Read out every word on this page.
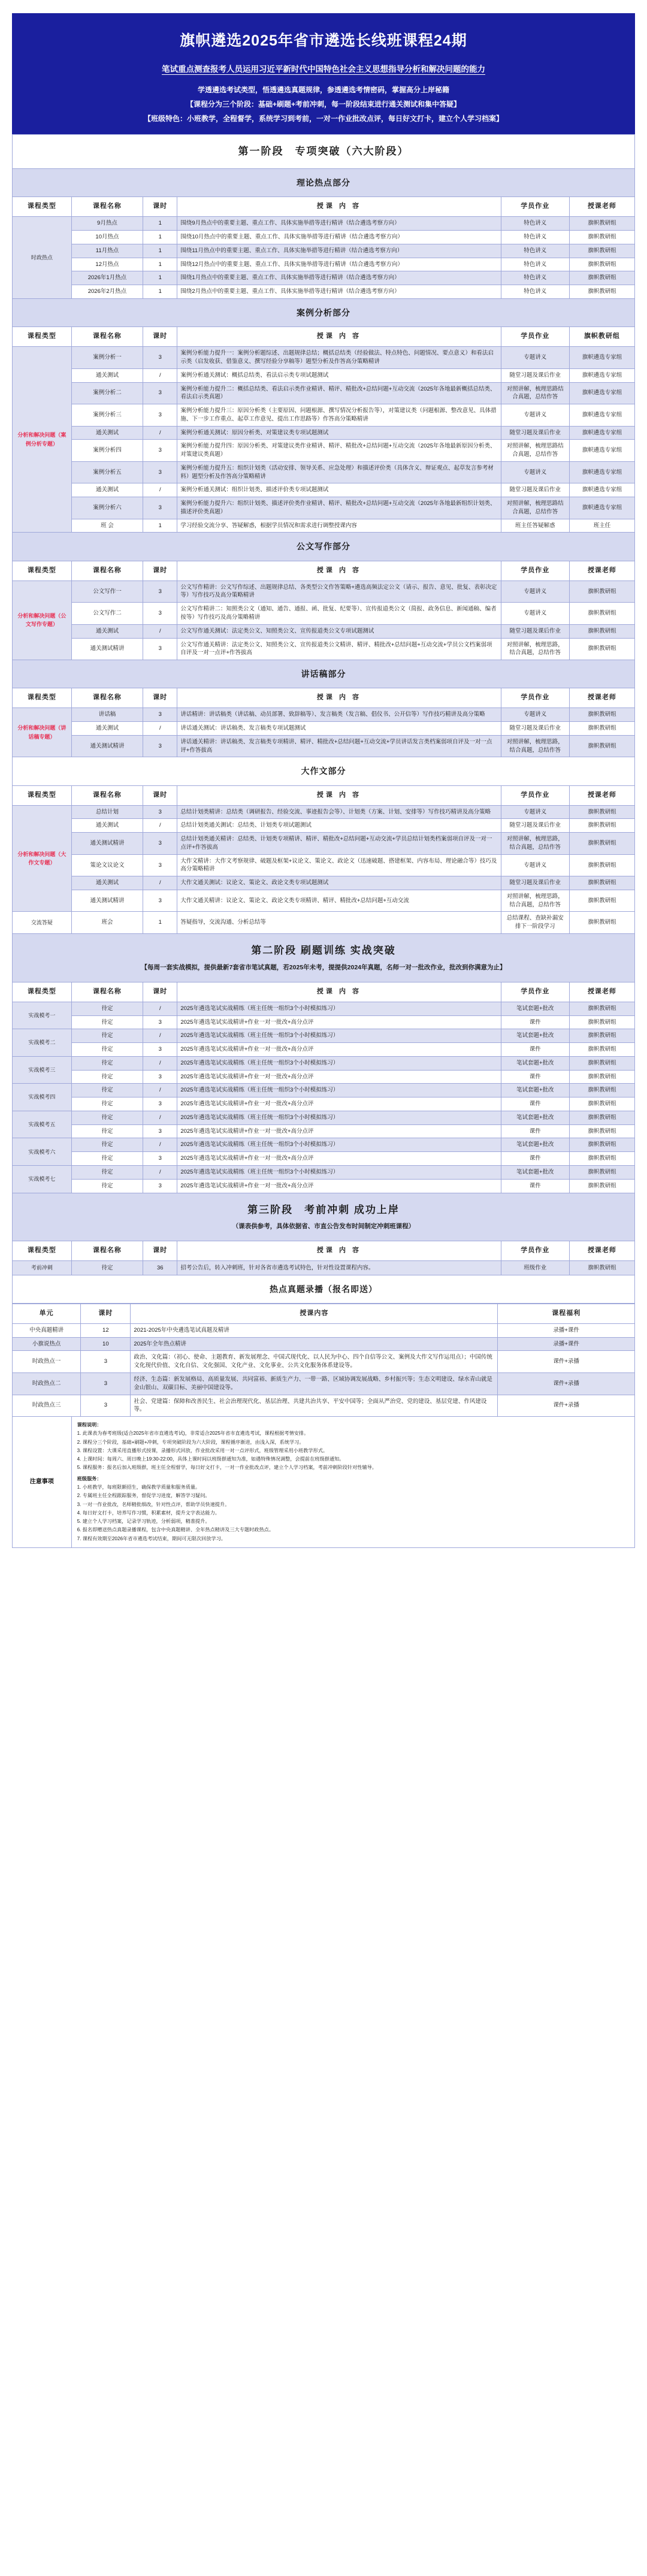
旗帜遴选2025年省市遴选长线班课程24期
笔试重点测查报考人员运用习近平新时代中国特色社会主义思想指导分析和解决问题的能力
学透遴选考试类型，悟透遴选真题规律，参透遴选考情密码，掌握高分上岸秘籍
【课程分为三个阶段：基础+刷题+考前冲刺，每一阶段结束进行通关测试和集中答疑】
【班级特色：小班教学，全程督学，系统学习到考前，一对一作业批改点评，每日好文打卡，建立个人学习档案】
第一阶段　专项突破（六大阶段）					
理论热点部分					
课程类型	课程名称	课时	授课 内 容	学员作业	授课老师
时政热点	9月热点	1	围绕9月热点中的重要主题、重点工作、具体实施举措等进行精讲（结合遴选考察方向）	特色讲义	旗帜教研组
	10月热点	1	围绕10月热点中的重要主题、重点工作、具体实施举措等进行精讲（结合遴选考察方向）	特色讲义	旗帜教研组
	11月热点	1	围绕11月热点中的重要主题、重点工作、具体实施举措等进行精讲（结合遴选考察方向）	特色讲义	旗帜教研组
	12月热点	1	围绕12月热点中的重要主题、重点工作、具体实施举措等进行精讲（结合遴选考察方向）	特色讲义	旗帜教研组
	2026年1月热点	1	围绕1月热点中的重要主题、重点工作、具体实施举措等进行精讲（结合遴选考察方向）	特色讲义	旗帜教研组
	2026年2月热点	1	围绕2月热点中的重要主题、重点工作、具体实施举措等进行精讲（结合遴选考察方向）	特色讲义	旗帜教研组
案例分析部分					
课程类型	课程名称	课时	授课 内 容	学员作业	旗帜教研组
分析和解决问题（案例分析专题）	案例分析一	3	案例分析能力提升一：案例分析题综述、出题规律总结；概括总结类（经验做法、特点特色、问题情况、要点意义）和看法启示类（启发收获、借鉴意义、撰写经验分享稿等）题型分析及作答高分策略精讲	专题讲义	旗帜遴选专家组
	通关测试	/	案例分析通关测试：概括总结类、看法启示类专项试题测试	随堂习题及课后作业	旗帜遴选专家组
	案例分析二	3	案例分析能力提升二：概括总结类、看法启示类作业精讲、精评、精批改+总结问题+互动交流（2025年各地最新概括总结类、看法启示类真题）	对照讲解，梳理思路结合真题，总结作答	旗帜遴选专家组
	案例分析三	3	案例分析能力提升三：原因分析类（主要原因、问题根源、撰写情况分析报告等），对策建议类（问题根源、整改意见、具体措施、下一步工作重点、起草工作意见、提出工作思路等）作答高分策略精讲	专题讲义	旗帜遴选专家组
	通关测试	/	案例分析通关测试：原因分析类、对策建议类专项试题测试	随堂习题及课后作业	旗帜遴选专家组
	案例分析四	3	案例分析能力提升四：原因分析类、对策建议类作业精讲、精评、精批改+总结问题+互动交流（2025年各地最新原因分析类、对策建议类真题）	对照讲解，梳理思路结合真题，总结作答	旗帜遴选专家组
	案例分析五	3	案例分析能力提升五：组织计划类（活动安排、领导关系、应急处理）和描述评价类（具体含义、辩证观点、起草发言参考材料）题型分析及作答高分策略精讲	专题讲义	旗帜遴选专家组
	通关测试	/	案例分析通关测试：组织计划类、描述评价类专项试题测试	随堂习题及课后作业	旗帜遴选专家组
	案例分析六	3	案例分析能力提升六：组织计划类、描述评价类作业精讲、精评、精批改+总结问题+互动交流（2025年各地最新组织计划类、描述评价类真题）	对照讲解，梳理思路结合真题，总结作答	旗帜遴选专家组
	班 会	1	学习经验交流分享、答疑解惑，根据学员情况和需求进行调整授课内容	班主任答疑解惑	班主任
公文写作部分					
课程类型	课程名称	课时	授课 内 容	学员作业	授课老师
分析和解决问题（公文写作专题）	公文写作一	3	公文写作精讲：公文写作综述、出题规律总结、各类型公文作答策略+遴选高频法定公文（请示、报告、意见、批复、表彰决定等）写作技巧及高分策略精讲	专题讲义	旗帜教研组
	公文写作二	3	公文写作精讲二：知照类公文（通知、通告、通报、函、批复、纪要等）、宣传报道类公文（简报、政务信息、新闻通稿、编者按等）写作技巧及高分策略精讲	专题讲义	旗帜教研组
	通关测试	/	公文写作通关测试：法定类公文、知照类公文、宣传报道类公文专项试题测试	随堂习题及课后作业	旗帜教研组
	通关测试精讲	3	公文写作通关精讲：法定类公文、知照类公文、宣传报道类公文精讲、精评、精批改+总结问题+互动交流+学员公文档案弱项自评及一对一点评+作答拔高	对照讲解，梳理思路，结合真题，总结作答	旗帜教研组
讲话稿部分					
课程类型	课程名称	课时	授课 内 容	学员作业	授课老师
分析和解决问题（讲话稿专题）	讲话稿	3	讲话精讲：讲话稿类（讲话稿、动员部署、致辞稿等）、发言稿类（发言稿、倡仪书、公开信等）写作技巧精讲及高分策略	专题讲义	旗帜教研组
	通关测试	/	讲话通关测试：讲话稿类、发言稿类专项试题测试	随堂习题及课后作业	旗帜教研组
	通关测试精讲	3	讲话通关精讲：讲话稿类、发言稿类专项精讲、精评、精批改+总结问题+互动交流+学员讲话发言类档案弱项自评及一对一点评+作答拔高	对照讲解，梳理思路，结合真题，总结作答	旗帜教研组
大作文部分					
课程类型	课程名称	课时	授课 内 容	学员作业	授课老师
分析和解决问题（大作文专题）	总结计划	3	总结计划类精讲：总结类（调研报告、经验交流、事迹报告会等）、计划类（方案、计划、安排等）写作技巧精讲及高分策略	专题讲义	旗帜教研组
	通关测试	/	总结计划类通关测试：总结类、计划类专项试题测试	随堂习题及课后作业	旗帜教研组
	通关测试精讲	3	总结计划类通关精讲：总结类、计划类专项精讲、精评、精批改+总结问题+互动交流+学员总结计划类档案弱项自评及一对一点评+作答拔高	对照讲解，梳理思路，结合真题，总结作答	旗帜教研组
	策论文议论文	3	大作文精讲：大作文考察规律、破题及框架+议论文、策论文、政论文（迅速破题、搭建框架、内容布局、理论融合等）技巧及高分策略精讲	专题讲义	旗帜教研组
	通关测试	/	大作文通关测试：议论文、策论文、政论文类专项试题测试	随堂习题及课后作业	旗帜教研组
	通关测试精讲	3	大作文通关精讲：议论文、策论文、政论文类专项精讲、精评、精批改+总结问题+互动交流	对照讲解，梳理思路，结合真题，总结作答	旗帜教研组
交流答疑	班会	1	答疑指导，交流沟通、分析总结等	总结课程、查缺补漏安排下一阶段学习	旗帜教研组
第二阶段 刷题训练 实战突破
【每周一套实战模拟，提供最新7套省市笔试真题，若2025年未考，提提供2024年真题，名师一对一批改作业，批改到你满意为止】					

课程类型	课程名称	课时	授课 内 容	学员作业	授课老师
实战模考一	待定	/	2025年遴选笔试实战精练（班主任统一组织3个小时模拟练习）	笔试套题+批改	旗帜教研组
	待定	3	2025年遴选笔试实战精讲+作业一对一批改+高分点评	课件	旗帜教研组
实战模考二	待定	/	2025年遴选笔试实战精练（班主任统一组织3个小时模拟练习）	笔试套题+批改	旗帜教研组
	待定	3	2025年遴选笔试实战精讲+作业一对一批改+高分点评	课件	旗帜教研组
实战模考三	待定	/	2025年遴选笔试实战精练（班主任统一组织3个小时模拟练习）	笔试套题+批改	旗帜教研组
	待定	3	2025年遴选笔试实战精讲+作业一对一批改+高分点评	课件	旗帜教研组
实战模考四	待定	/	2025年遴选笔试实战精练（班主任统一组织3个小时模拟练习）	笔试套题+批改	旗帜教研组
	待定	3	2025年遴选笔试实战精讲+作业一对一批改+高分点评	课件	旗帜教研组
实战模考五	待定	/	2025年遴选笔试实战精练（班主任统一组织3个小时模拟练习）	笔试套题+批改	旗帜教研组
	待定	3	2025年遴选笔试实战精讲+作业一对一批改+高分点评	课件	旗帜教研组
实战模考六	待定	/	2025年遴选笔试实战精练（班主任统一组织3个小时模拟练习）	笔试套题+批改	旗帜教研组
	待定	3	2025年遴选笔试实战精讲+作业一对一批改+高分点评	课件	旗帜教研组
实战模考七	待定	/	2025年遴选笔试实战精练（班主任统一组织3个小时模拟练习）	笔试套题+批改	旗帜教研组
	待定	3	2025年遴选笔试实战精讲+作业一对一批改+高分点评	课件	旗帜教研组
第三阶段　考前冲刺 成功上岸
（课表供参考，具体依据省、市直公告发布时间制定冲刺班课程）					

课程类型	课程名称	课时	授课 内 容	学员作业	授课老师
考前冲刺	待定	36	招考公告后，转入冲刺班，针对各省市遴选考试特色，针对性设置课程内容。	班级作业	旗帜教研组
热点真题录播（报名即送）					
单元	课时	授课内容	课程福利
中央真题精讲	12	2021-2025年中央遴选笔试真题及精讲	录播+课件
小旗说热点	10	2025年全年热点精讲	录播+课件
时政热点一	3	政治、文化篇：（初心、使命、主题教育、新发展理念、中国式现代化、以人民为中心、四个自信等公文、案例及大作文写作运用点）；中国传统文化现代价值、文化自信、文化强国、文化产业、文化事业、公共文化服务体系建设等。	课件+录播
时政热点二	3	经济、生态篇：新发展格局、高质量发展、共同富裕、新质生产力、一带一路、区域协调发展战略、乡村振兴等；生态文明建设、绿水青山就是金山银山、双碳目标、美丽中国建设等。	课件+录播
时政热点三	3	社会、党建篇：保障和改善民生、社会治理现代化、基层治理、共建共治共享、平安中国等；全面从严治党、党的建设、基层党建、作风建设等。	课件+录播
注意事项

课程说明：

1. 此课表为春考班级(适合2025年省市直遴选考试)，非常适合2025年省市直遴选考试，课程根据考情安排。

2. 课程分三个阶段，基础+刷题+冲刺，专项突破阶段为六大阶段，课程循序渐进，由浅入深，系统学习。

3. 课程设置：大课采用直播形式授课，录播形式回放，作业批改采用一对一点评形式，班级管理采用小班教学形式。

4. 上课时间：每周六、周日晚上19:30-22:00，具体上课时间以班级群通知为准，如遇特殊情况调整，会提前在班级群通知。

5. 课程服务：报名后加入班级群，班主任全程督学，每日好文打卡，一对一作业批改点评，建立个人学习档案，考前冲刺阶段针对性辅导。

班级服务：

1. 小班教学，每班限额招生，确保教学质量和服务质量。

2. 专属班主任全程跟踪服务，督促学习进度，解答学习疑问。

3. 一对一作业批改，名师精批细改，针对性点评，帮助学员快速提升。

4. 每日好文打卡，培养写作习惯，积累素材，提升文字表达能力。

5. 建立个人学习档案，记录学习轨迹，分析弱项，精准提升。

6. 报名即赠送热点真题录播课程，包含中央真题精讲、全年热点精讲及三大专题时政热点。

7. 课程有效期至2026年省市遴选考试结束，期间可无限次回放学习。
